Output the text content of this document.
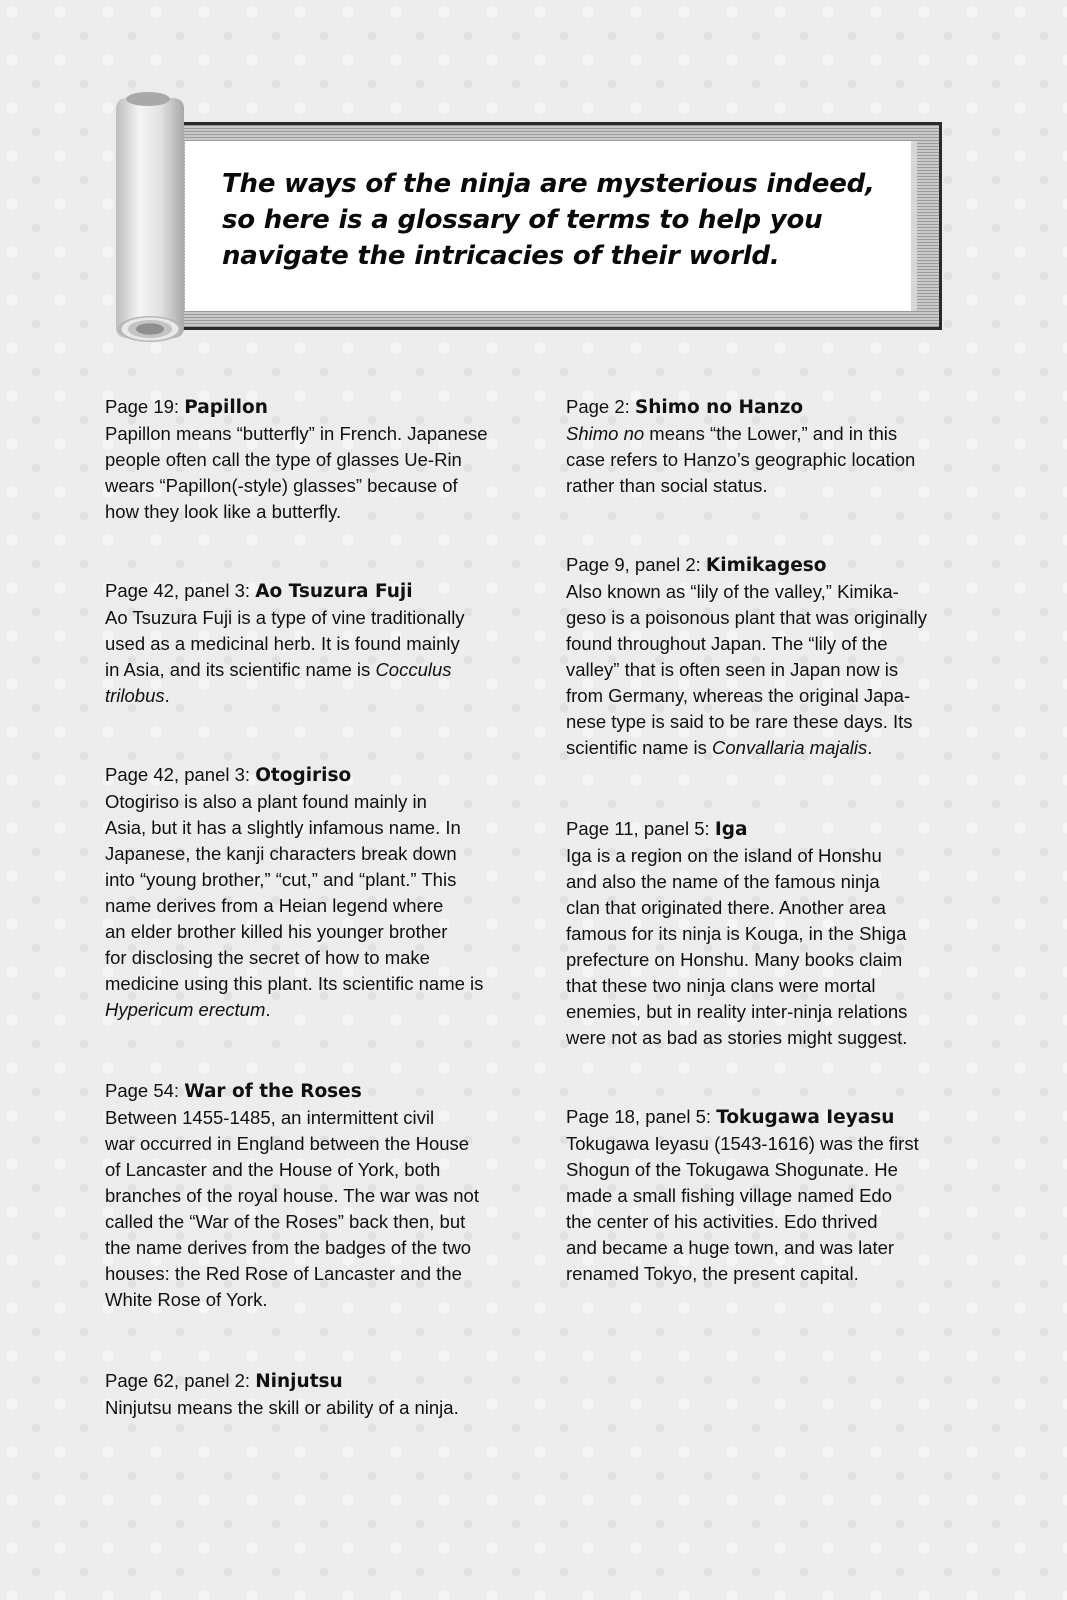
The ways of the ninja are mysterious indeed,
so here is a glossary of terms to help you
navigate the intricacies of their world.

Page 19: Papillon

Papillon means “butterfly” in French. Japanese
people often call the type of glasses Ue-Rin
wears “Papillon(-style) glasses” because of
how they look like a butterfly.

Page 42, panel 3: Ao Tsuzura Fuji

Ao Tsuzura Fuji is a type of vine traditionally
used as a medicinal herb. It is found mainly
in Asia, and its scientific name is Cocculus
trilobus.

Page 42, panel 3: Otogiriso

Otogiriso is also a plant found mainly in
Asia, but it has a slightly infamous name. In
Japanese, the kanji characters break down
into “young brother,” “cut,” and “plant.” This
name derives from a Heian legend where
an elder brother killed his younger brother
for disclosing the secret of how to make
medicine using this plant. Its scientific name is
Hypericum erectum.

Page 54: War of the Roses

Between 1455-1485, an intermittent civil
war occurred in England between the House
of Lancaster and the House of York, both
branches of the royal house. The war was not
called the “War of the Roses” back then, but
the name derives from the badges of the two
houses: the Red Rose of Lancaster and the
White Rose of York.

Page 62, panel 2: Ninjutsu

Ninjutsu means the skill or ability of a ninja.

Page 2: Shimo no Hanzo

Shimo no means “the Lower,” and in this
case refers to Hanzo’s geographic location
rather than social status.

Page 9, panel 2: Kimikageso

Also known as “lily of the valley,” Kimika-
geso is a poisonous plant that was originally
found throughout Japan. The “lily of the
valley” that is often seen in Japan now is
from Germany, whereas the original Japa-
nese type is said to be rare these days. Its
scientific name is Convallaria majalis.

Page 11, panel 5: Iga

Iga is a region on the island of Honshu
and also the name of the famous ninja
clan that originated there. Another area
famous for its ninja is Kouga, in the Shiga
prefecture on Honshu. Many books claim
that these two ninja clans were mortal
enemies, but in reality inter-ninja relations
were not as bad as stories might suggest.

Page 18, panel 5: Tokugawa Ieyasu

Tokugawa Ieyasu (1543-1616) was the first
Shogun of the Tokugawa Shogunate. He
made a small fishing village named Edo
the center of his activities. Edo thrived
and became a huge town, and was later
renamed Tokyo, the present capital.
